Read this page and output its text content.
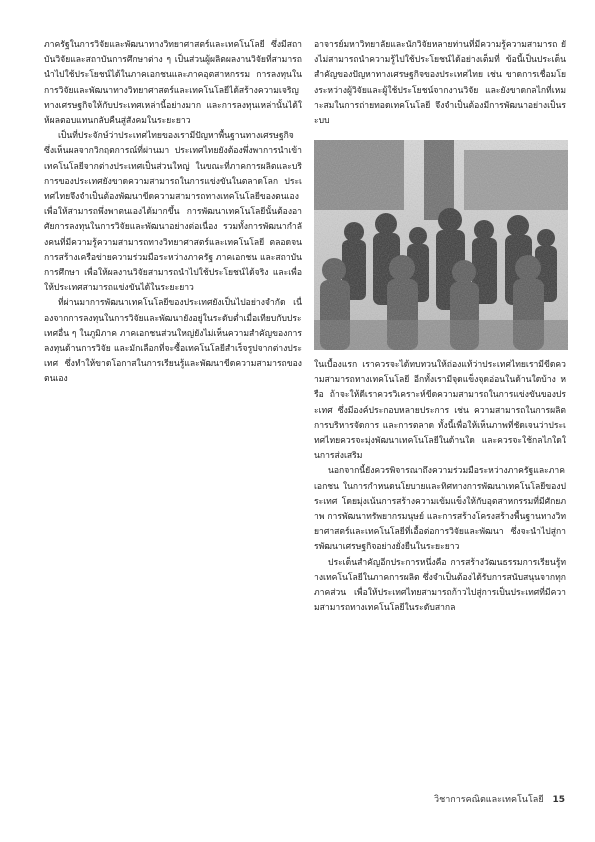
ภาครัฐในการวิจัยและพัฒนาทางวิทยาศาสตร์และเทคโนโลยี ซึ่งมีสถาบันวิจัยและสถาบันการศึกษาต่าง ๆ เป็นส่วนผู้ผลิตผลงานวิจัยที่สามารถนำไปใช้ประโยชน์ได้ในภาคเอกชนและภาคอุตสาหกรรม การลงทุนในการวิจัยและพัฒนาทางวิทยาศาสตร์และเทคโนโลยีได้สร้างความเจริญทางเศรษฐกิจให้กับประเทศเหล่านี้อย่างมาก และการลงทุนเหล่านั้นได้ให้ผลตอบแทนกลับคืนสู่สังคมในระยะยาว

เป็นที่ประจักษ์ว่าประเทศไทยของเรามีปัญหาพื้นฐานทางเศรษฐกิจ ซึ่งเห็นผลจากวิกฤตการณ์ที่ผ่านมา ประเทศไทยยังต้องพึ่งพาการนำเข้าเทคโนโลยีจากต่างประเทศเป็นส่วนใหญ่ ในขณะที่ภาคการผลิตและบริการของประเทศยังขาดความสามารถในการแข่งขันในตลาดโลก ประเทศไทยจึงจำเป็นต้องพัฒนาขีดความสามารถทางเทคโนโลยีของตนเอง เพื่อให้สามารถพึ่งพาตนเองได้มากขึ้น การพัฒนาเทคโนโลยีนั้นต้องอาศัยการลงทุนในการวิจัยและพัฒนาอย่างต่อเนื่อง รวมทั้งการพัฒนากำลังคนที่มีความรู้ความสามารถทางวิทยาศาสตร์และเทคโนโลยี ตลอดจนการสร้างเครือข่ายความร่วมมือระหว่างภาครัฐ ภาคเอกชน และสถาบันการศึกษา เพื่อให้ผลงานวิจัยสามารถนำไปใช้ประโยชน์ได้จริง และเพื่อให้ประเทศสามารถแข่งขันได้ในระยะยาว

ที่ผ่านมาการพัฒนาเทคโนโลยีของประเทศยังเป็นไปอย่างจำกัด เนื่องจากการลงทุนในการวิจัยและพัฒนายังอยู่ในระดับต่ำเมื่อเทียบกับประเทศอื่น ๆ ในภูมิภาค ภาคเอกชนส่วนใหญ่ยังไม่เห็นความสำคัญของการลงทุนด้านการวิจัย และมักเลือกที่จะซื้อเทคโนโลยีสำเร็จรูปจากต่างประเทศ ซึ่งทำให้ขาดโอกาสในการเรียนรู้และพัฒนาขีดความสามารถของตนเอง

อาจารย์มหาวิทยาลัยและนักวิจัยหลายท่านที่มีความรู้ความสามารถ ยังไม่สามารถนำความรู้ไปใช้ประโยชน์ได้อย่างเต็มที่ ข้อนี้เป็นประเด็นสำคัญของปัญหาทางเศรษฐกิจของประเทศไทย เช่น ขาดการเชื่อมโยงระหว่างผู้วิจัยและผู้ใช้ประโยชน์จากงานวิจัย และยังขาดกลไกที่เหมาะสมในการถ่ายทอดเทคโนโลยี จึงจำเป็นต้องมีการพัฒนาอย่างเป็นระบบ

ในเบื้องแรก เราควรจะได้ทบทวนให้ถ่องแท้ว่าประเทศไทยเรามีขีดความสามารถทางเทคโนโลยี อีกทั้งเรามีจุดแข็งจุดอ่อนในด้านใดบ้าง หรือ ถ้าจะให้ดีเราควรวิเคราะห์ขีดความสามารถในการแข่งขันของประเทศ ซึ่งมีองค์ประกอบหลายประการ เช่น ความสามารถในการผลิต การบริหารจัดการ และการตลาด ทั้งนี้เพื่อให้เห็นภาพที่ชัดเจนว่าประเทศไทยควรจะมุ่งพัฒนาเทคโนโลยีในด้านใด และควรจะใช้กลไกใดในการส่งเสริม

นอกจากนี้ยังควรพิจารณาถึงความร่วมมือระหว่างภาครัฐและภาคเอกชน ในการกำหนดนโยบายและทิศทางการพัฒนาเทคโนโลยีของประเทศ โดยมุ่งเน้นการสร้างความเข้มแข็งให้กับอุตสาหกรรมที่มีศักยภาพ การพัฒนาทรัพยากรมนุษย์ และการสร้างโครงสร้างพื้นฐานทางวิทยาศาสตร์และเทคโนโลยีที่เอื้อต่อการวิจัยและพัฒนา ซึ่งจะนำไปสู่การพัฒนาเศรษฐกิจอย่างยั่งยืนในระยะยาว

ประเด็นสำคัญอีกประการหนึ่งคือ การสร้างวัฒนธรรมการเรียนรู้ทางเทคโนโลยีในภาคการผลิต ซึ่งจำเป็นต้องได้รับการสนับสนุนจากทุกภาคส่วน เพื่อให้ประเทศไทยสามารถก้าวไปสู่การเป็นประเทศที่มีความสามารถทางเทคโนโลยีในระดับสากล

วิชาการคณิตและเทคโนโลยี 15
